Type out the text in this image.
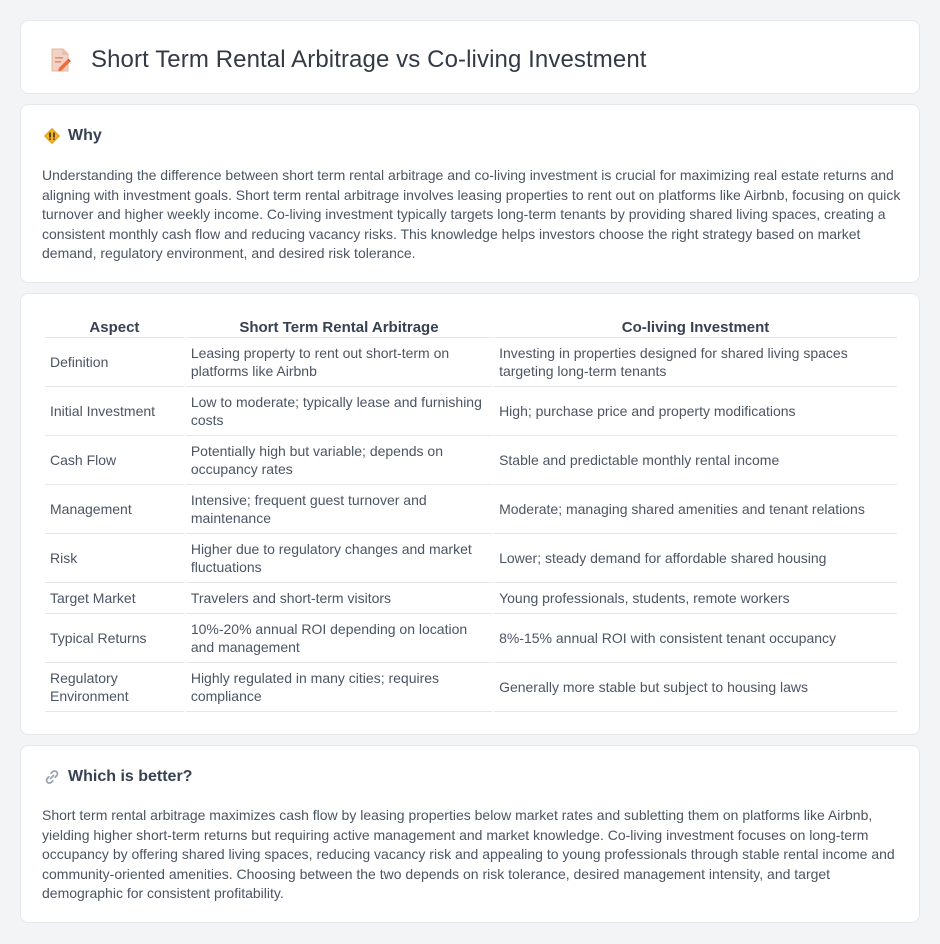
Short Term Rental Arbitrage vs Co-living Investment
Why

Understanding the difference between short term rental arbitrage and co-living investment is crucial for maximizing real estate returns and aligning with investment goals. Short term rental arbitrage involves leasing properties to rent out on platforms like Airbnb, focusing on quick turnover and higher weekly income. Co-living investment typically targets long-term tenants by providing shared living spaces, creating a consistent monthly cash flow and reducing vacancy risks. This knowledge helps investors choose the right strategy based on market demand, regulatory environment, and desired risk tolerance.

Aspect	Short Term Rental Arbitrage	Co-living Investment
Definition	Leasing property to rent out short-term on platforms like Airbnb	Investing in properties designed for shared living spaces targeting long-term tenants
Initial Investment	Low to moderate; typically lease and furnishing costs	High; purchase price and property modifications
Cash Flow	Potentially high but variable; depends on occupancy rates	Stable and predictable monthly rental income
Management	Intensive; frequent guest turnover and maintenance	Moderate; managing shared amenities and tenant relations
Risk	Higher due to regulatory changes and market fluctuations	Lower; steady demand for affordable shared housing
Target Market	Travelers and short-term visitors	Young professionals, students, remote workers
Typical Returns	10%-20% annual ROI depending on location and management	8%-15% annual ROI with consistent tenant occupancy
Regulatory Environment	Highly regulated in many cities; requires compliance	Generally more stable but subject to housing laws
Which is better?

Short term rental arbitrage maximizes cash flow by leasing properties below market rates and subletting them on platforms like Airbnb, yielding higher short-term returns but requiring active management and market knowledge. Co-living investment focuses on long-term occupancy by offering shared living spaces, reducing vacancy risk and appealing to young professionals through stable rental income and community-oriented amenities. Choosing between the two depends on risk tolerance, desired management intensity, and target demographic for consistent profitability.
